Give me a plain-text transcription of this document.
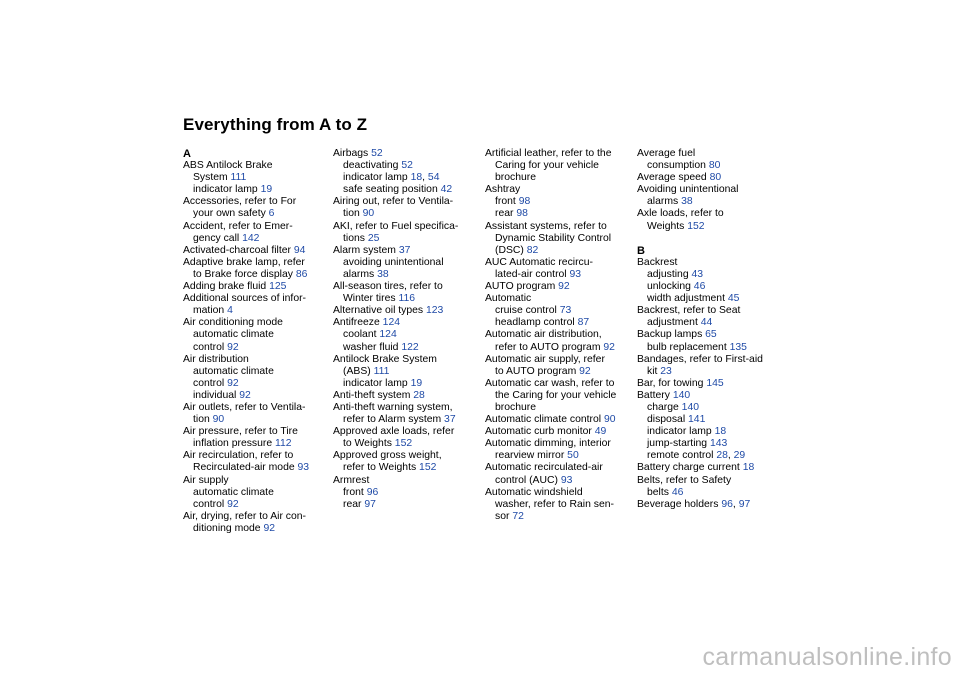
Everything from A to Z
A
ABS Antilock Brake
System 111
indicator lamp 19
Accessories, refer to For
your own safety 6
Accident, refer to Emer-
gency call 142
Activated-charcoal filter 94
Adaptive brake lamp, refer
to Brake force display 86
Adding brake fluid 125
Additional sources of infor-
mation 4
Air conditioning mode
automatic climate
control 92
Air distribution
automatic climate
control 92
individual 92
Air outlets, refer to Ventila-
tion 90
Air pressure, refer to Tire
inflation pressure 112
Air recirculation, refer to
Recirculated-air mode 93
Air supply
automatic climate
control 92
Air, drying, refer to Air con-
ditioning mode 92
Airbags 52
deactivating 52
indicator lamp 18, 54
safe seating position 42
Airing out, refer to Ventila-
tion 90
AKI, refer to Fuel specifica-
tions 25
Alarm system 37
avoiding unintentional
alarms 38
All-season tires, refer to
Winter tires 116
Alternative oil types 123
Antifreeze 124
coolant 124
washer fluid 122
Antilock Brake System
(ABS) 111
indicator lamp 19
Anti-theft system 28
Anti-theft warning system,
refer to Alarm system 37
Approved axle loads, refer
to Weights 152
Approved gross weight,
refer to Weights 152
Armrest
front 96
rear 97
Artificial leather, refer to the
Caring for your vehicle
brochure
Ashtray
front 98
rear 98
Assistant systems, refer to
Dynamic Stability Control
(DSC) 82
AUC Automatic recircu-
lated-air control 93
AUTO program 92
Automatic
cruise control 73
headlamp control 87
Automatic air distribution,
refer to AUTO program 92
Automatic air supply, refer
to AUTO program 92
Automatic car wash, refer to
the Caring for your vehicle
brochure
Automatic climate control 90
Automatic curb monitor 49
Automatic dimming, interior
rearview mirror 50
Automatic recirculated-air
control (AUC) 93
Automatic windshield
washer, refer to Rain sen-
sor 72
Average fuel
consumption 80
Average speed 80
Avoiding unintentional
alarms 38
Axle loads, refer to
Weights 152
B
Backrest
adjusting 43
unlocking 46
width adjustment 45
Backrest, refer to Seat
adjustment 44
Backup lamps 65
bulb replacement 135
Bandages, refer to First-aid
kit 23
Bar, for towing 145
Battery 140
charge 140
disposal 141
indicator lamp 18
jump-starting 143
remote control 28, 29
Battery charge current 18
Belts, refer to Safety
belts 46
Beverage holders 96, 97
carmanualsonline.info
